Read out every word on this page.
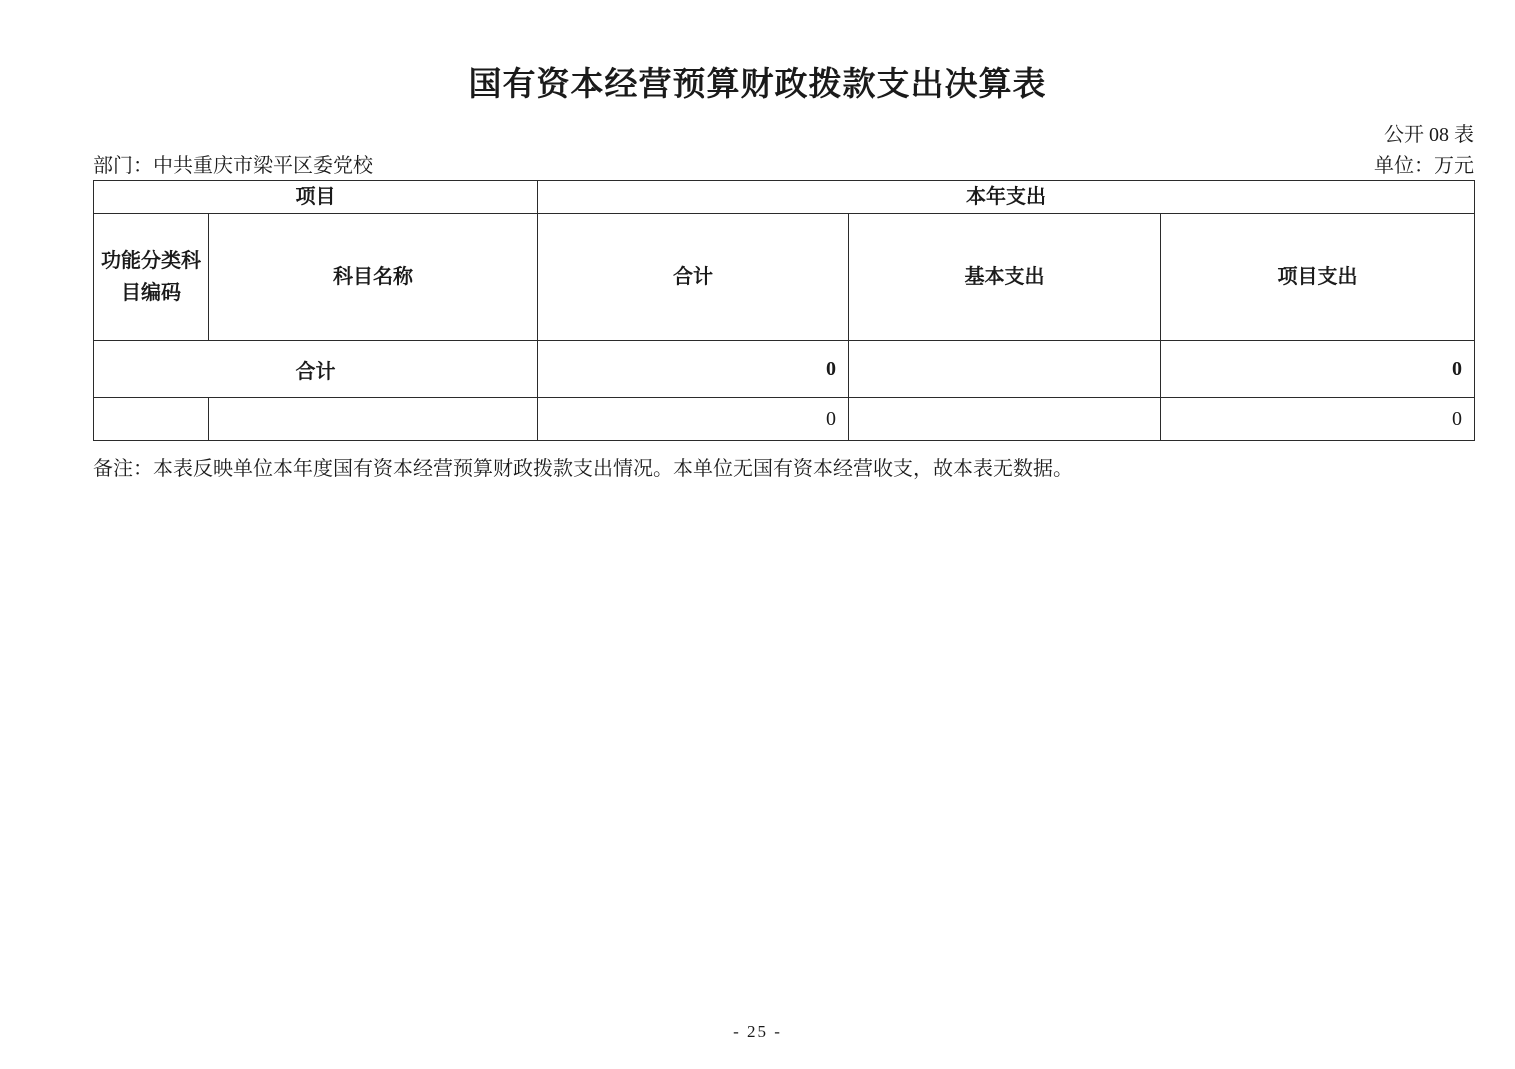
国有资本经营预算财政拨款支出决算表
公开 08 表
部门：中共重庆市梁平区委党校	单位：万元
项目		本年支出		
功能分类科目编码	科目名称	合计	基本支出	项目支出
合计		0		0
		0		0
备注：本表反映单位本年度国有资本经营预算财政拨款支出情况。本单位无国有资本经营收支，故本表无数据。
- 25 -
